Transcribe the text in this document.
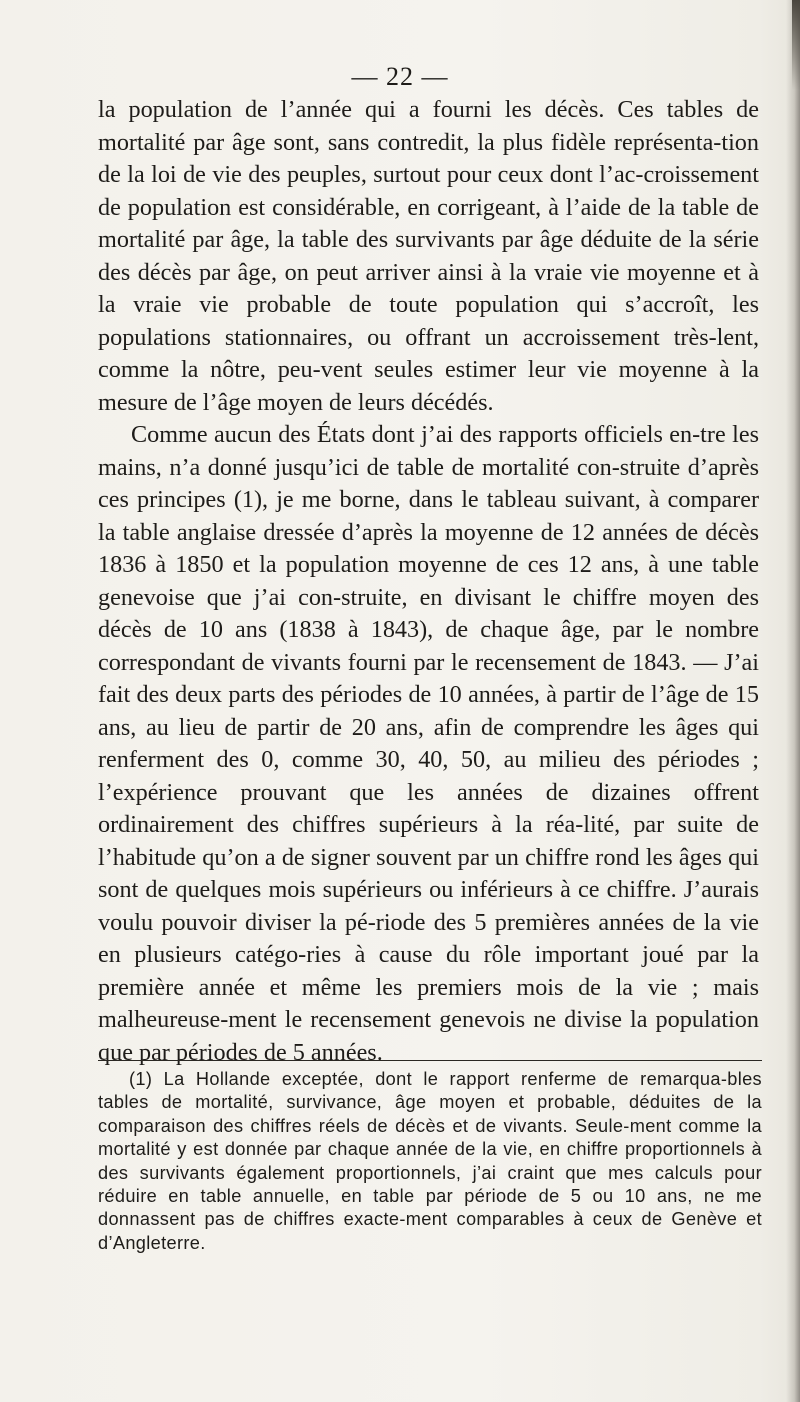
— 22 —

la population de l’année qui a fourni les décès. Ces tables de mortalité par âge sont, sans contredit, la plus fidèle représenta-tion de la loi de vie des peuples, surtout pour ceux dont l’ac-croissement de population est considérable, en corrigeant, à l’aide de la table de mortalité par âge, la table des survivants par âge déduite de la série des décès par âge, on peut arriver ainsi à la vraie vie moyenne et à la vraie vie probable de toute population qui s’accroît, les populations stationnaires, ou offrant un accroissement très-lent, comme la nôtre, peu-vent seules estimer leur vie moyenne à la mesure de l’âge moyen de leurs décédés.

Comme aucun des États dont j’ai des rapports officiels en-tre les mains, n’a donné jusqu’ici de table de mortalité con-struite d’après ces principes (1), je me borne, dans le tableau suivant, à comparer la table anglaise dressée d’après la moyenne de 12 années de décès 1836 à 1850 et la population moyenne de ces 12 ans, à une table genevoise que j’ai con-struite, en divisant le chiffre moyen des décès de 10 ans (1838 à 1843), de chaque âge, par le nombre correspondant de vivants fourni par le recensement de 1843. — J’ai fait des deux parts des périodes de 10 années, à partir de l’âge de 15 ans, au lieu de partir de 20 ans, afin de comprendre les âges qui renferment des 0, comme 30, 40, 50, au milieu des périodes ; l’expérience prouvant que les années de dizaines offrent ordinairement des chiffres supérieurs à la réa-lité, par suite de l’habitude qu’on a de signer souvent par un chiffre rond les âges qui sont de quelques mois supérieurs ou inférieurs à ce chiffre. J’aurais voulu pouvoir diviser la pé-riode des 5 premières années de la vie en plusieurs catégo-ries à cause du rôle important joué par la première année et même les premiers mois de la vie ; mais malheureuse-ment le recensement genevois ne divise la population que par périodes de 5 années.

(1) La Hollande exceptée, dont le rapport renferme de remarqua-bles tables de mortalité, survivance, âge moyen et probable, déduites de la comparaison des chiffres réels de décès et de vivants. Seule-ment comme la mortalité y est donnée par chaque année de la vie, en chiffre proportionnels à des survivants également proportionnels, j’ai craint que mes calculs pour réduire en table annuelle, en table par période de 5 ou 10 ans, ne me donnassent pas de chiffres exacte-ment comparables à ceux de Genève et d’Angleterre.
